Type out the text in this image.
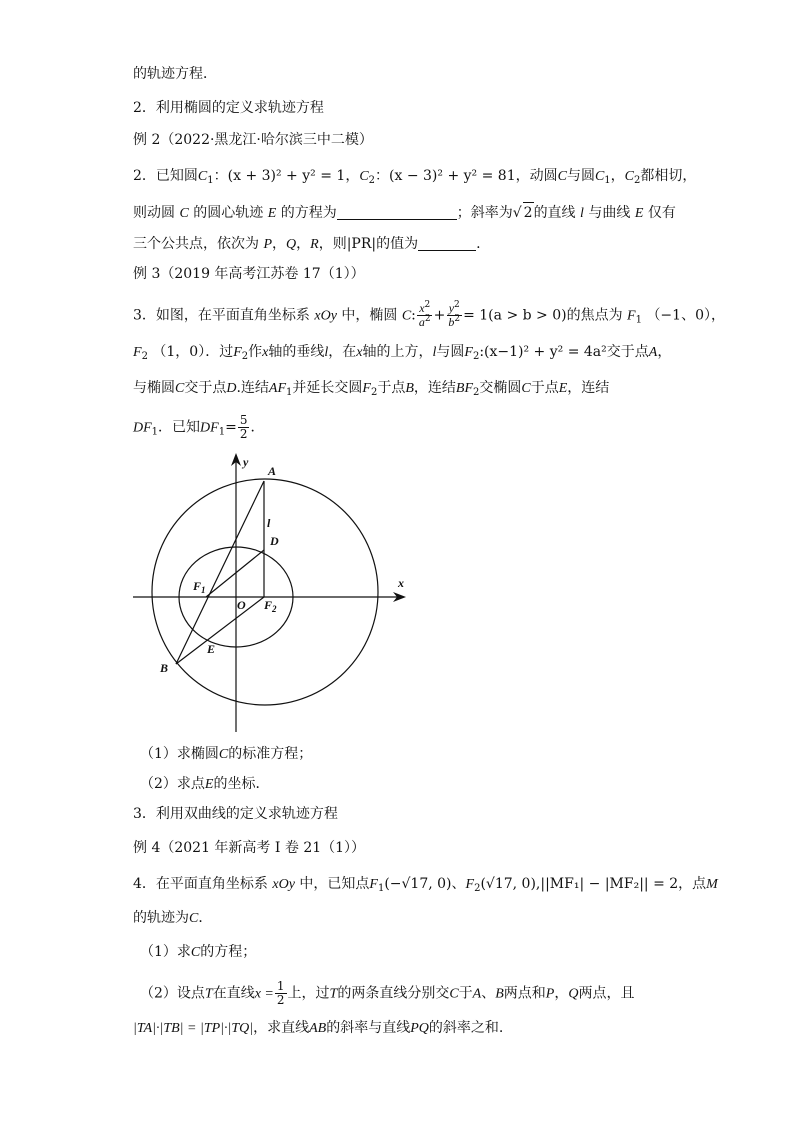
的轨迹方程．
2．利用椭圆的定义求轨迹方程
例 2（2022·黑龙江·哈尔滨三中二模）
2．已知圆$C_1$：(x + 3)² + y² = 1，$C_2$：(x − 3)² + y² = 81，动圆C与圆$C_1$，$C_2$都相切，
则动圆 C 的圆心轨迹 E 的方程为	；斜率为√ 2的直线 l 与曲线 E 仅有
三个公共点，依次为 P，Q，R，则|PR|的值为	.
例 3（2019 年高考江苏卷 17（1））
3．如图，在平面直角坐标系 xOy 中，椭圆 C: $\frac{x^2}{a^2} + \frac{y^2}{b^2} = 1(a > b > 0)$的焦点为 $F_1$ （−1、0），
$F_2$ （1，0）．过$F_2$作x轴的垂线l，在x轴的上方，l与圆$F_2:(x-1)^2 + y^2 = 4a^2$交于点A，
与椭圆C交于点D.连结$AF_1$并延长交圆$F_2$于点B，连结$BF_2$交椭圆C于点E，连结
$DF_1$．已知$DF_1= \frac{5}{2}$ ．
y
x
A
l
D
$F_1$
O $F_2$
E
B
（1）求椭圆C的标准方程；
（2）求点E的坐标．
3．利用双曲线的定义求轨迹方程
例 4（2021 年新高考 I 卷 21（1））
4．在平面直角坐标系 xOy 中，已知点$F_1(-√17$, 0)、$F_2(√17$, 0),||MF₁| − |MF₂|| = 2，点M
的轨迹为C．
（1）求C的方程；
（2）设点T在直线$x = \frac{1}{2}$ 上，过T的两条直线分别交C于A、B两点和P，Q两点，且
|TA|·|TB| = |TP|·|TQ|，求直线AB的斜率与直线PQ的斜率之和.
